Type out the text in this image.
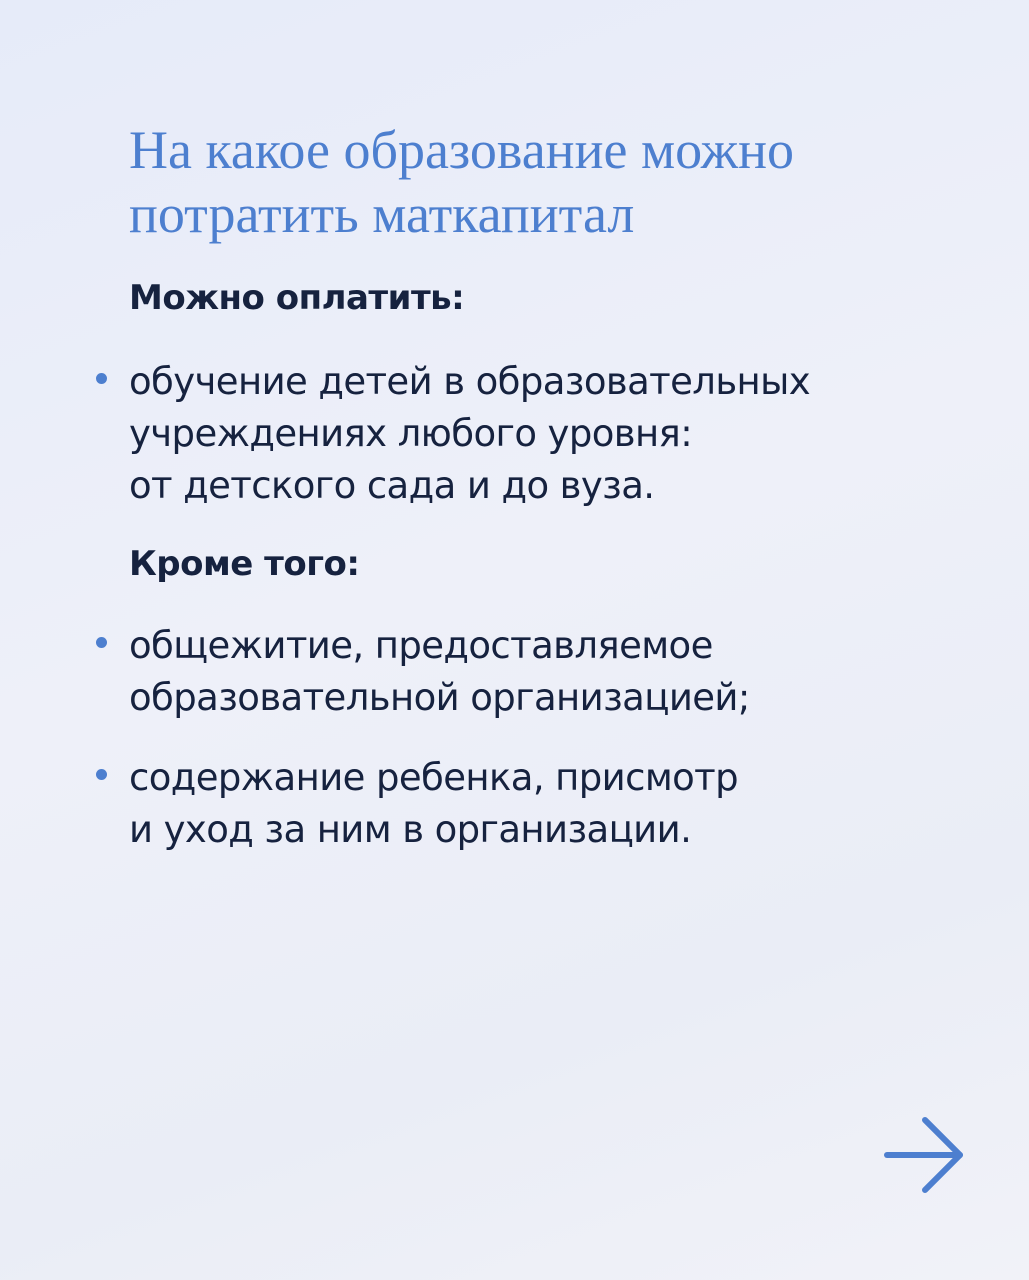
На какое образование можно
потратить маткапитал
Можно оплатить:
обучение детей в образовательных
учреждениях любого уровня:
от детского сада и до вуза.
Кроме того:
общежитие, предоставляемое
образовательной организацией;
содержание ребенка, присмотр
и уход за ним в организации.
